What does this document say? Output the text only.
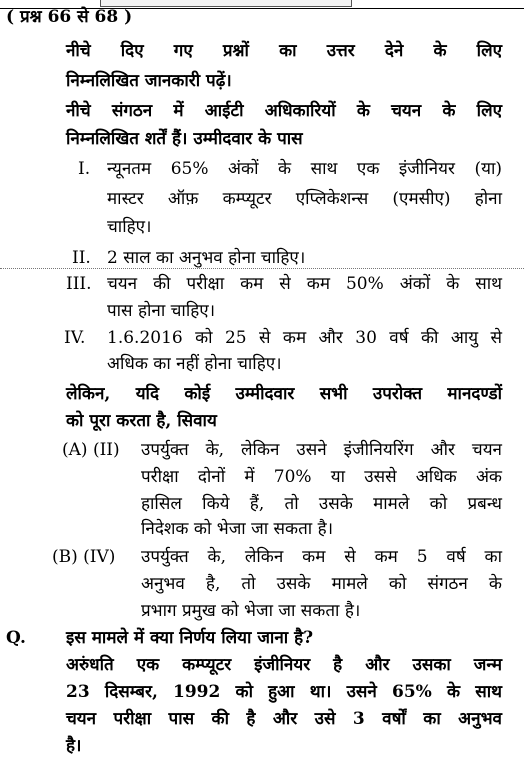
( प्रश्न 66 से 68 )
नीचे दिए गए प्रश्नों का उत्तर देने के लिए
निम्नलिखित जानकारी पढ़ें।
नीचे संगठन में आईटी अधिकारियों के चयन के लिए
निम्नलिखित शर्तें हैं। उम्मीदवार के पास
I. न्यूनतम 65% अंकों के साथ एक इंजीनियर (या)
मास्टर ऑफ़ कम्प्यूटर एप्लिकेशन्स (एमसीए) होना
चाहिए।
II. 2 साल का अनुभव होना चाहिए।
III. चयन की परीक्षा कम से कम 50% अंकों के साथ
पास होना चाहिए।
IV. 1.6.2016 को 25 से कम और 30 वर्ष की आयु से
अधिक का नहीं होना चाहिए।
लेकिन, यदि कोई उम्मीदवार सभी उपरोक्त मानदण्डों
को पूरा करता है, सिवाय
(A) (II) उपर्युक्त के, लेकिन उसने इंजीनियरिंग और चयन
परीक्षा दोनों में 70% या उससे अधिक अंक
हासिल किये हैं, तो उसके मामले को प्रबन्ध
निदेशक को भेजा जा सकता है।
(B) (IV) उपर्युक्त के, लेकिन कम से कम 5 वर्ष का
अनुभव है, तो उसके मामले को संगठन के
प्रभाग प्रमुख को भेजा जा सकता है।
Q. इस मामले में क्या निर्णय लिया जाना है?
अरुंधति एक कम्प्यूटर इंजीनियर है और उसका जन्म
23 दिसम्बर, 1992 को हुआ था। उसने 65% के साथ
चयन परीक्षा पास की है और उसे 3 वर्षों का अनुभव
है।
